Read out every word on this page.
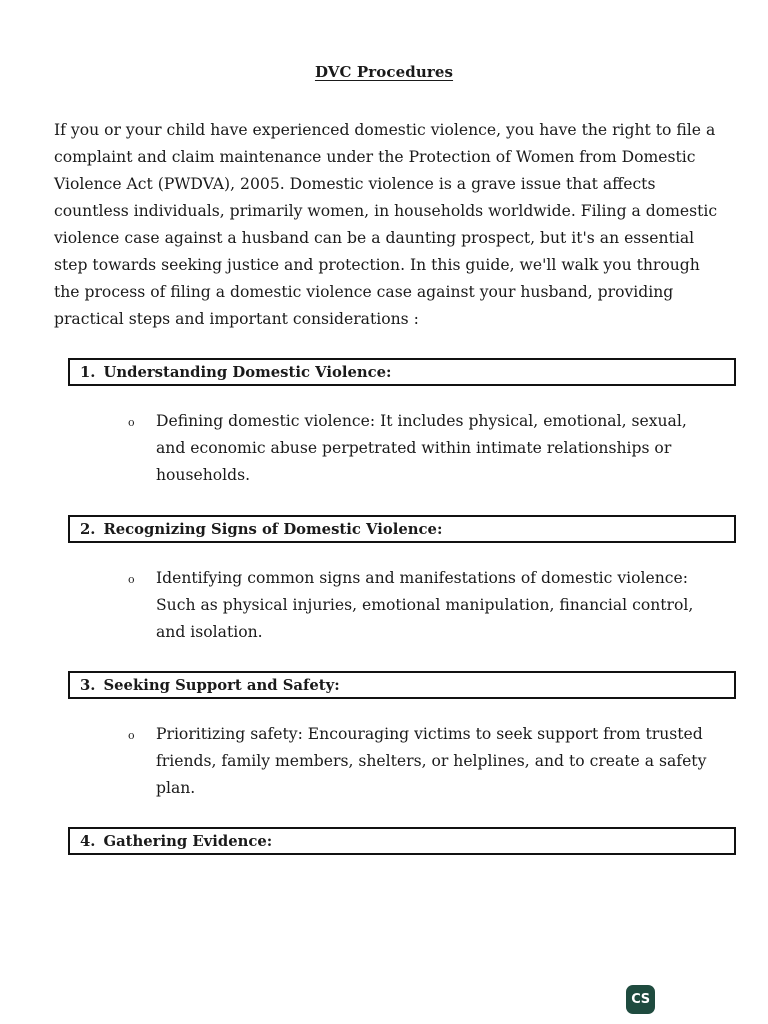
DVC Procedures

If you or your child have experienced domestic violence, you have the right to file a complaint and claim maintenance under the Protection of Women from Domestic Violence Act (PWDVA), 2005. Domestic violence is a grave issue that affects countless individuals, primarily women, in households worldwide. Filing a domestic violence case against a husband can be a daunting prospect, but it's an essential step towards seeking justice and protection. In this guide, we'll walk you through the process of filing a domestic violence case against your husband, providing practical steps and important considerations :

1. Understanding Domestic Violence:
o	Defining domestic violence: It includes physical, emotional, sexual, and economic abuse perpetrated within intimate relationships or households.

2. Recognizing Signs of Domestic Violence:
o	Identifying common signs and manifestations of domestic violence: Such as physical injuries, emotional manipulation, financial control, and isolation.

3. Seeking Support and Safety:
o	Prioritizing safety: Encouraging victims to seek support from trusted friends, family members, shelters, or helplines, and to create a safety plan.

4. Gathering Evidence:
CS
